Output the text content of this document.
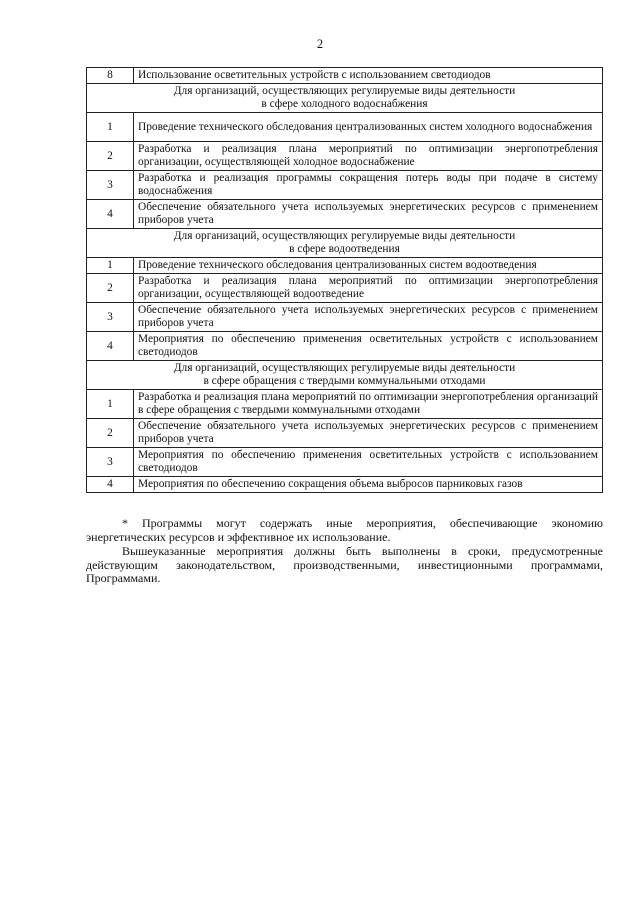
2
8	Использование осветительных устройств с использованием светодиодов

Для организаций, осуществляющих регулируемые виды деятельности
в сфере холодного водоснабжения	

1	Проведение технического обследования централизованных систем холодного водоснабжения
2	Разработка и реализация плана мероприятий по оптимизации энергопотребления организации, осуществляющей холодное водоснабжение
3	Разработка и реализация программы сокращения потерь воды при подаче в систему водоснабжения
4	Обеспечение обязательного учета используемых энергетических ресурсов с применением приборов учета

Для организаций, осуществляющих регулируемые виды деятельности
в сфере водоотведения	

1	Проведение технического обследования централизованных систем водоотведения
2	Разработка и реализация плана мероприятий по оптимизации энергопотребления организации, осуществляющей водоотведение
3	Обеспечение обязательного учета используемых энергетических ресурсов с применением приборов учета
4	Мероприятия по обеспечению применения осветительных устройств с использованием светодиодов

Для организаций, осуществляющих регулируемые виды деятельности
в сфере обращения с твердыми коммунальными отходами	

1	Разработка и реализация плана мероприятий по оптимизации энергопотребления организаций в сфере обращения с твердыми коммунальными отходами
2	Обеспечение обязательного учета используемых энергетических ресурсов с применением приборов учета
3	Мероприятия по обеспечению применения осветительных устройств с использованием светодиодов
4	Мероприятия по обеспечению сокращения объема выбросов парниковых газов

* Программы могут содержать иные мероприятия, обеспечивающие экономию энергетических ресурсов и эффективное их использование.

Вышеуказанные мероприятия должны быть выполнены в сроки, предусмотренные действующим законодательством, производственными, инвестиционными программами, Программами.
